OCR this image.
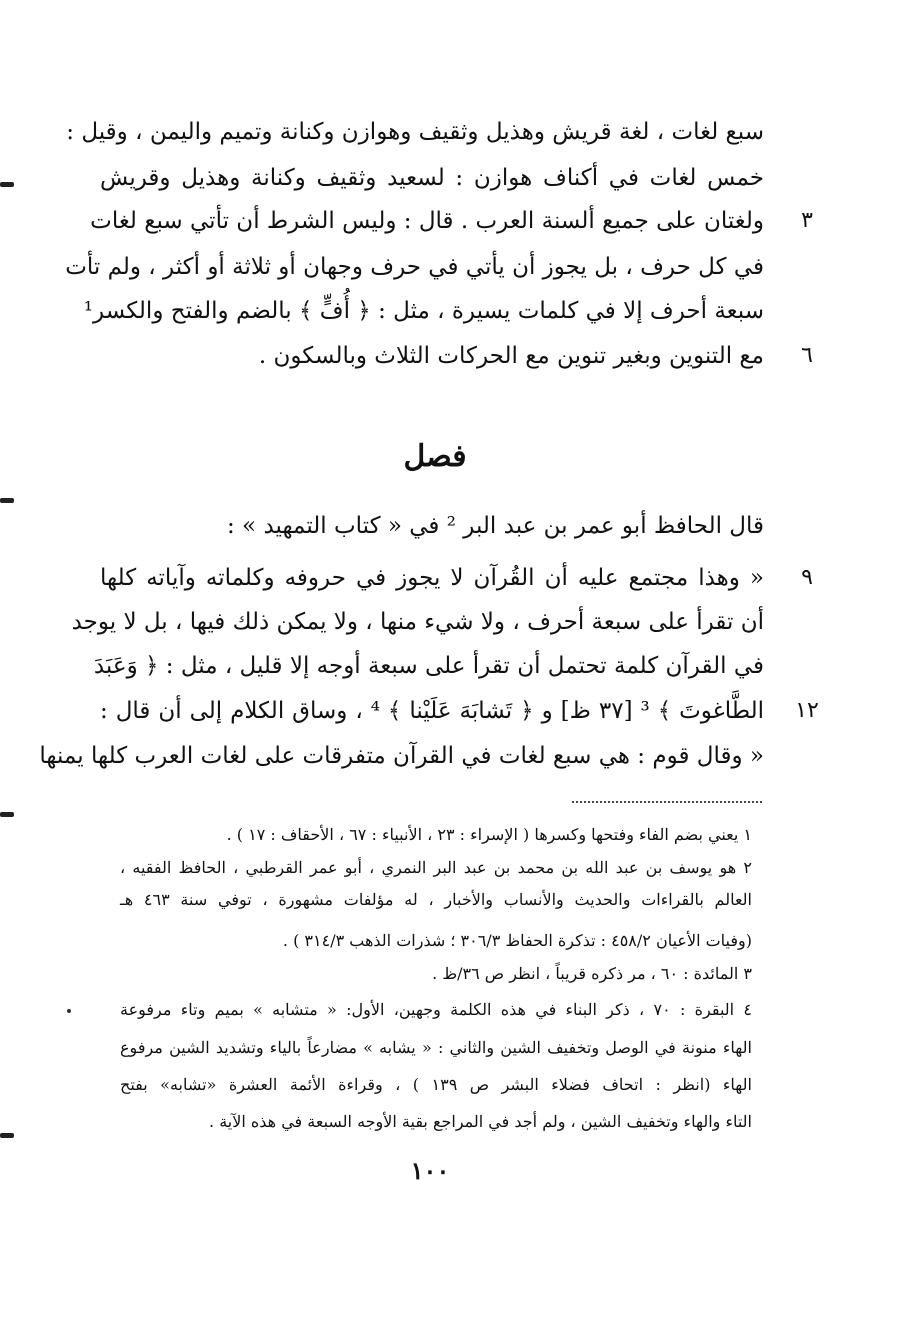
سبع لغات ، لغة قريش وهذيل وثقيف وهوازن وكنانة وتميم واليمن ، وقيل :
خمس لغات في أكناف هوازن : لسعيد وثقيف وكنانة وهذيل وقريش
ولغتان على جميع ألسنة العرب . قال : وليس الشرط أن تأتي سبع لغات
في كل حرف ، بل يجوز أن يأتي في حرف وجهان أو ثلاثة أو أكثر ، ولم تأت
سبعة أحرف إلا في كلمات يسيرة ، مثل : ﴿ أُفٍّ ﴾ بالضم والفتح والكسر¹
مع التنوين وبغير تنوين مع الحركات الثلاث وبالسكون .
٣
٦
فصل
قال الحافظ أبو عمر بن عبد البر ² في « كتاب التمهيد » :
« وهذا مجتمع عليه أن القُرآن لا يجوز في حروفه وكلماته وآياته كلها
أن تقرأ على سبعة أحرف ، ولا شيء منها ، ولا يمكن ذلك فيها ، بل لا يوجد
في القرآن كلمة تحتمل أن تقرأ على سبعة أوجه إلا قليل ، مثل : ﴿ وَعَبَدَ
الطَّاغوتَ ﴾ ³ [٣٧ ظ] و ﴿ تَشابَهَ عَلَيْنا ﴾ ⁴ ، وساق الكلام إلى أن قال :
« وقال قوم : هي سبع لغات في القرآن متفرقات على لغات العرب كلها يمنها
٩
١٢
١ يعني بضم الفاء وفتحها وكسرها ( الإسراء : ٢٣ ، الأنبياء : ٦٧ ، الأحقاف : ١٧ ) .
٢ هو يوسف بن عبد الله بن محمد بن عبد البر النمري ، أبو عمر القرطبي ، الحافظ الفقيه ،
العالم بالقراءات والحديث والأنساب والأخبار ، له مؤلفات مشهورة ، توفي سنة ٤٦٣ هـ
(وفيات الأعيان ٤٥٨/٢ : تذكرة الحفاظ ٣٠٦/٣ ؛ شذرات الذهب ٣١٤/٣ ) .
٣ المائدة : ٦٠ ، مر ذكره قريباً ، انظر ص ٣٦/ظ .
٤ البقرة : ٧٠ ، ذكر البناء في هذه الكلمة وجهين، الأول: « متشابه » بميم وتاء مرفوعة
الهاء منونة في الوصل وتخفيف الشين والثاني : « يشابه » مضارعاً بالياء وتشديد الشين مرفوع
الهاء (انظر : اتحاف فضلاء البشر ص ١٣٩ ) ، وقراءة الأئمة العشرة «تشابه» بفتح
التاء والهاء وتخفيف الشين ، ولم أجد في المراجع بقية الأوجه السبعة في هذه الآية .
١٠٠
